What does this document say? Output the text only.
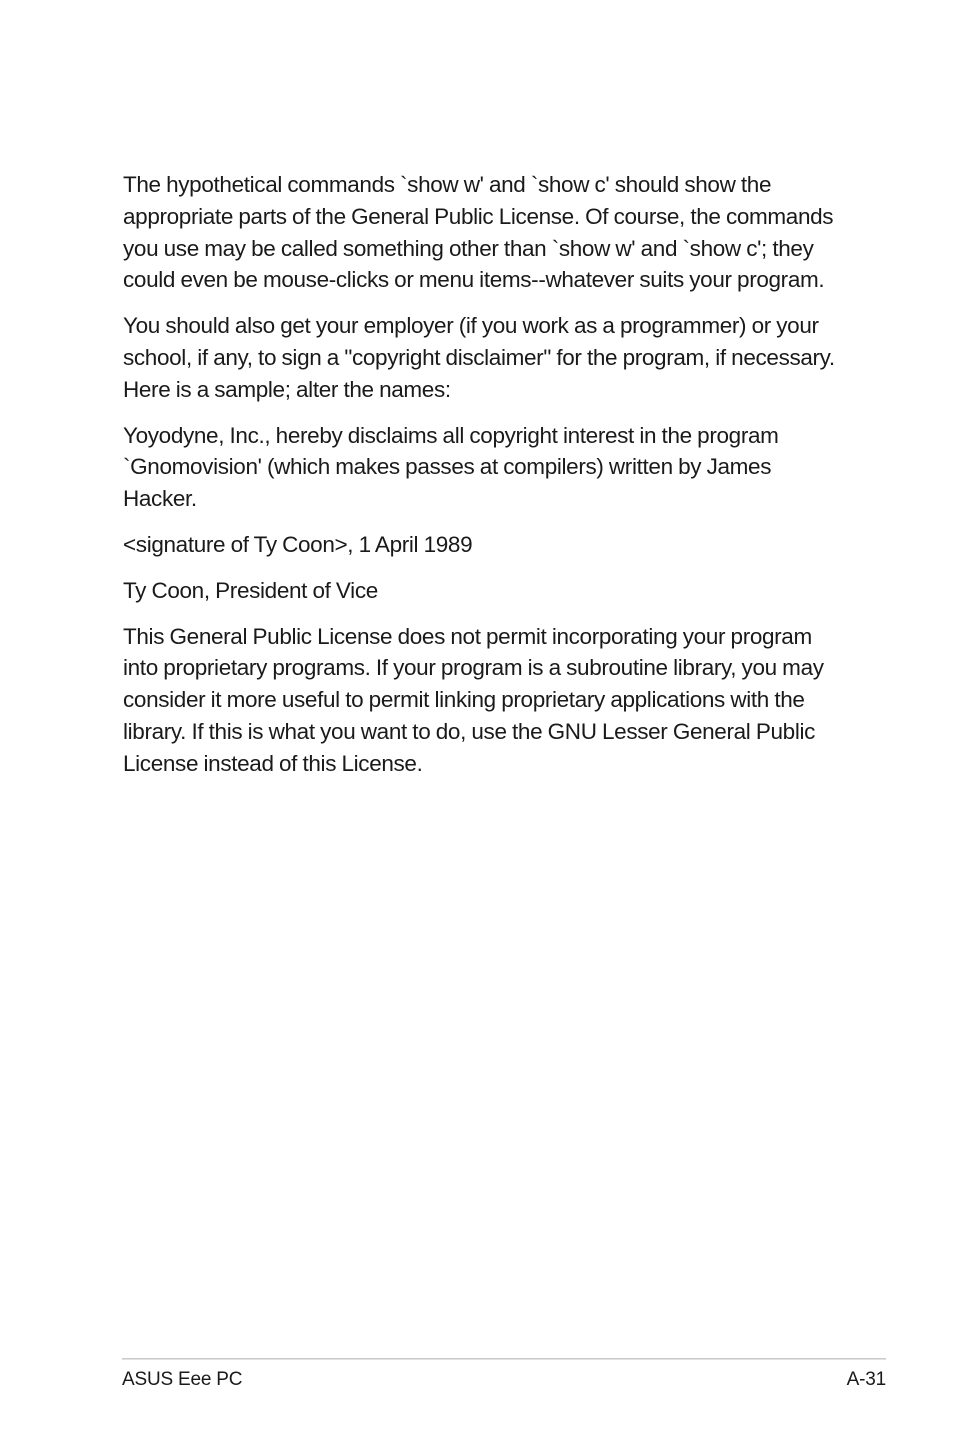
The hypothetical commands `show w' and `show c' should show the appropriate parts of the General Public License. Of course, the commands you use may be called something other than `show w' and `show c'; they could even be mouse-clicks or menu items--whatever suits your program.

You should also get your employer (if you work as a programmer) or your school, if any, to sign a "copyright disclaimer" for the program, if necessary. Here is a sample; alter the names:

Yoyodyne, Inc., hereby disclaims all copyright interest in the program `Gnomovision' (which makes passes at compilers) written by James Hacker.

<signature of Ty Coon>, 1 April 1989

Ty Coon, President of Vice

This General Public License does not permit incorporating your program into proprietary programs. If your program is a subroutine library, you may consider it more useful to permit linking proprietary applications with the library. If this is what you want to do, use the GNU Lesser General Public License instead of this License.

ASUS Eee PC	A-31
